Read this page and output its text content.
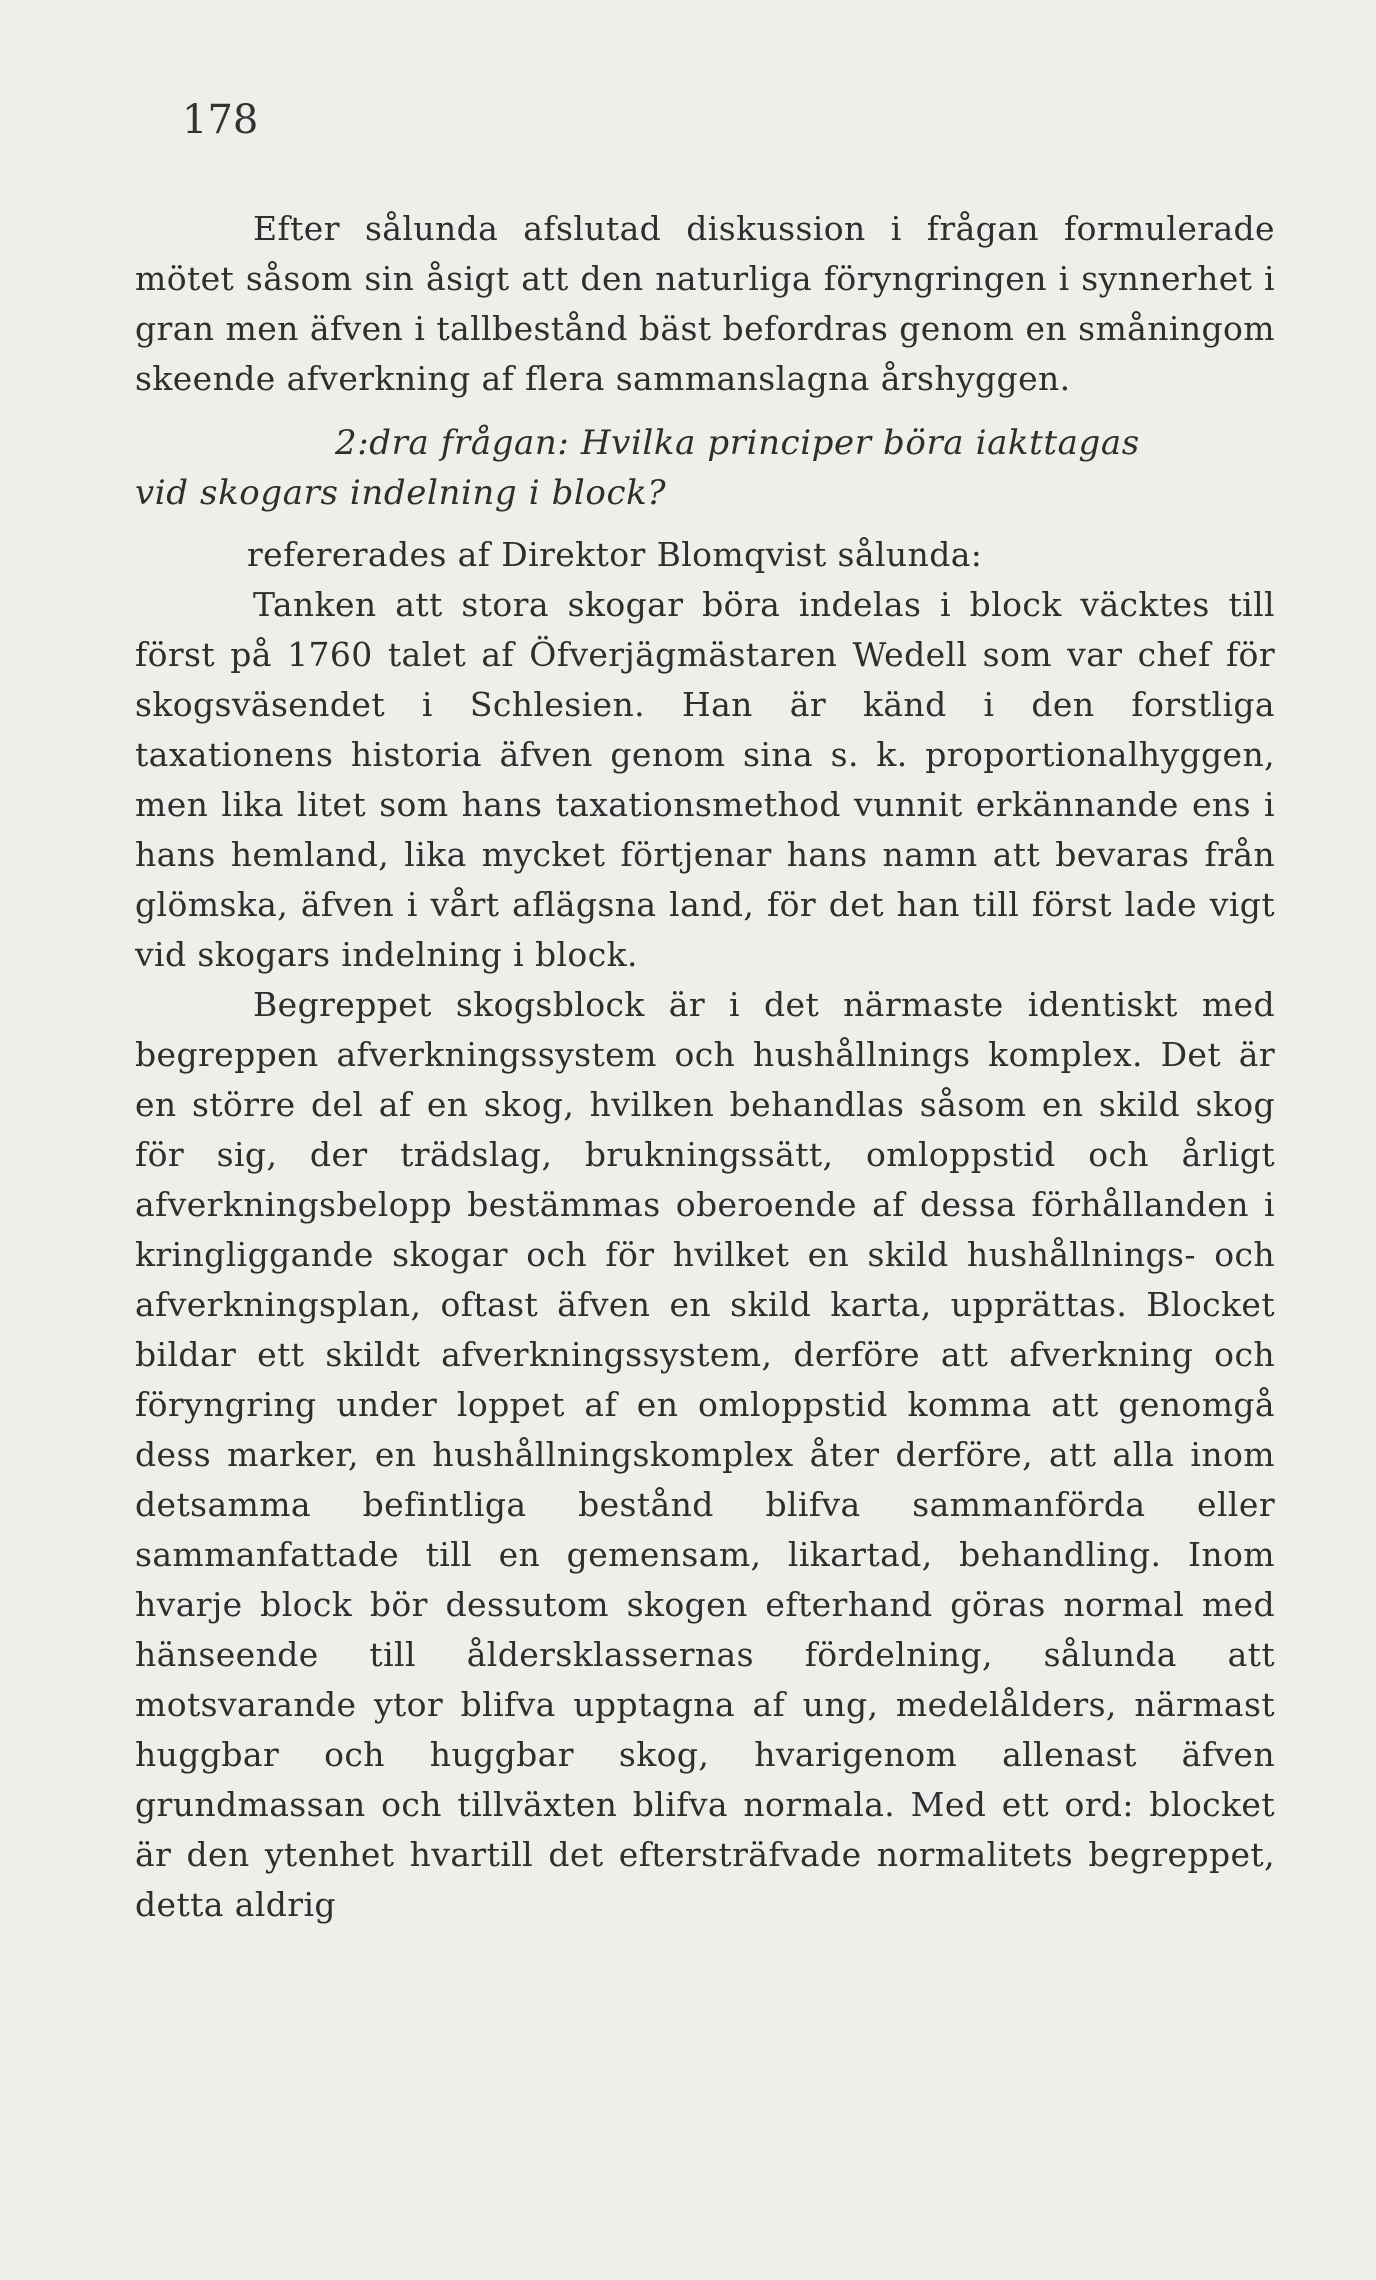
178

Efter sålunda afslutad diskussion i frågan formulerade mötet såsom sin åsigt att den naturliga föryngringen i synnerhet i gran men äfven i tallbestånd bäst befordras genom en småningom skeende afverkning af flera sammanslagna årshyggen.

2:dra frågan: Hvilka principer böra iakttagas
vid skogars indelning i block?

refererades af Direktor Blomqvist sålunda:

Tanken att stora skogar böra indelas i block väcktes till först på 1760 talet af Öfverjägmästaren Wedell som var chef för skogsväsendet i Schlesien. Han är känd i den forstliga taxationens historia äfven genom sina s. k. proportionalhyggen, men lika litet som hans taxationsmethod vunnit erkännande ens i hans hemland, lika mycket förtjenar hans namn att bevaras från glömska, äfven i vårt aflägsna land, för det han till först lade vigt vid skogars indelning i block.

Begreppet skogsblock är i det närmaste identiskt med begreppen afverkningssystem och hushållnings komplex. Det är en större del af en skog, hvilken behandlas såsom en skild skog för sig, der trädslag, brukningssätt, omloppstid och årligt afverkningsbelopp bestämmas oberoende af dessa förhållanden i kringliggande skogar och för hvilket en skild hushållnings- och afverkningsplan, oftast äfven en skild karta, upprättas. Blocket bildar ett skildt afverkningssystem, derföre att afverkning och föryngring under loppet af en omloppstid komma att genomgå dess marker, en hushållningskomplex åter derföre, att alla inom detsamma befintliga bestånd blifva sammanförda eller sammanfattade till en gemensam, likartad, behandling. Inom hvarje block bör dessutom skogen efterhand göras normal med hänseende till åldersklassernas fördelning, sålunda att motsvarande ytor blifva upptagna af ung, medelålders, närmast huggbar och huggbar skog, hvarigenom allenast äfven grundmassan och tillväxten blifva normala. Med ett ord: blocket är den ytenhet hvartill det eftersträfvade normalitets begreppet, detta aldrig
